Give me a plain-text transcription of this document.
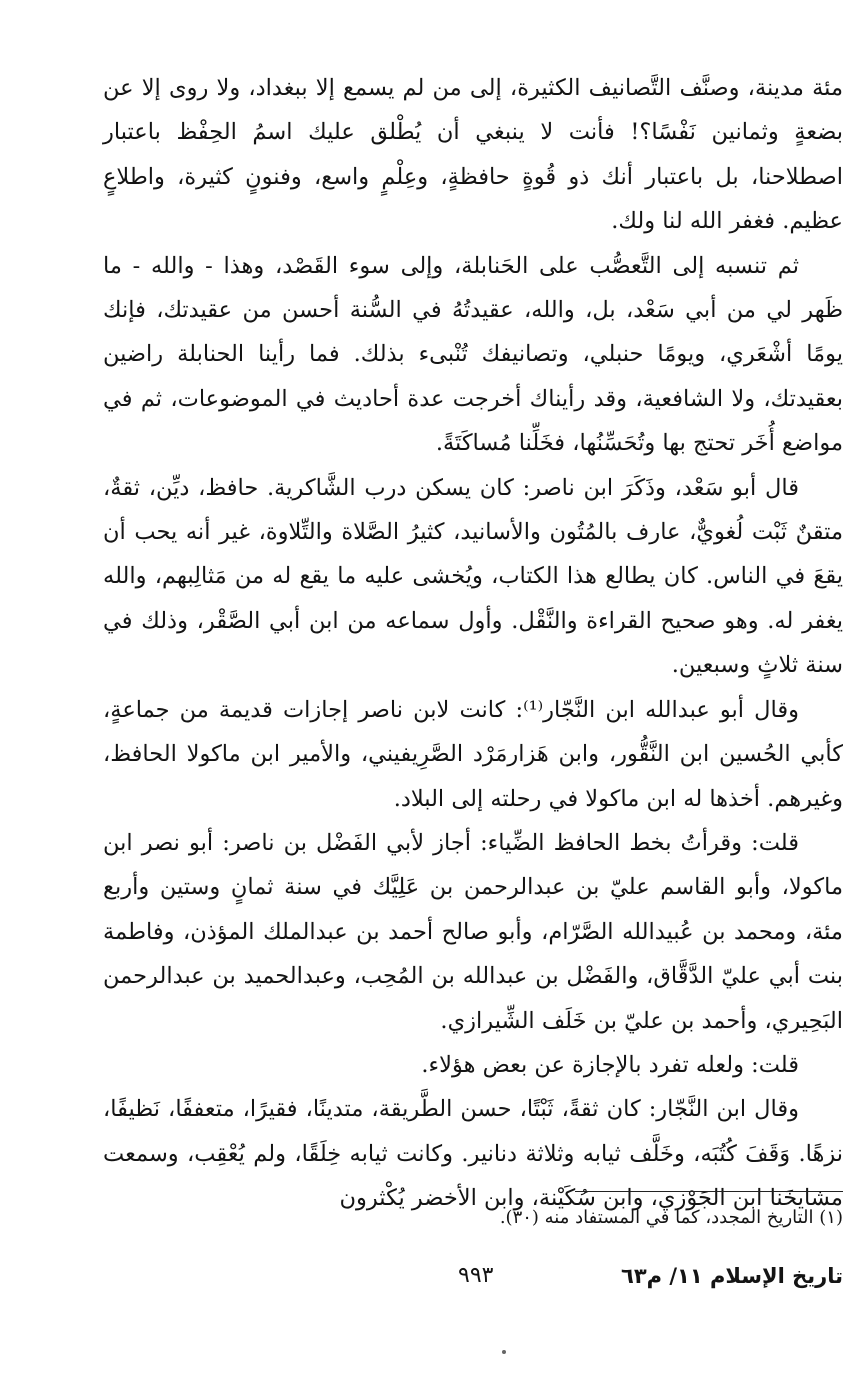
مئة مدينة، وصنَّف التَّصانيف الكثيرة، إلى من لم يسمع إلا ببغداد، ولا روى إلا عن بضعةٍ وثمانين نَفْسًا؟! فأنت لا ينبغي أن يُطْلق عليك اسمُ الحِفْظ باعتبار اصطلاحنا، بل باعتبار أنك ذو قُوةٍ حافظةٍ، وعِلْمٍ واسع، وفنونٍ كثيرة، واطلاعٍ عظيم. فغفر الله لنا ولك.

ثم تنسبه إلى التَّعصُّب على الحَنابلة، وإلى سوء القَصْد، وهذا - والله - ما ظَهر لي من أبي سَعْد، بل، والله، عقيدتُهُ في السُّنة أحسن من عقيدتك، فإنك يومًا أشْعَري، ويومًا حنبلي، وتصانيفك تُنْبىء بذلك. فما رأينا الحنابلة راضين بعقيدتك، ولا الشافعية، وقد رأيناك أخرجت عدة أحاديث في الموضوعات، ثم في مواضع أُخَر تحتج بها وتُحَسِّنُها، فخَلِّنا مُساكَتَةً.

قال أبو سَعْد، وذَكَرَ ابن ناصر: كان يسكن درب الشَّاكرية. حافظ، ديِّن، ثقةٌ، متقنٌ ثَبْت لُغويٌّ، عارف بالمُتُون والأسانيد، كثيرُ الصَّلاة والتِّلاوة، غير أنه يحب أن يقعَ في الناس. كان يطالع هذا الكتاب، ويُخشى عليه ما يقع له من مَثالِبهم، والله يغفر له. وهو صحيح القراءة والنَّقْل. وأول سماعه من ابن أبي الصَّقْر، وذلك في سنة ثلاثٍ وسبعين.

وقال أبو عبدالله ابن النَّجّار⁽¹⁾: كانت لابن ناصر إجازات قديمة من جماعةٍ، كأبي الحُسين ابن النَّقُّور، وابن هَزارمَرْد الصَّرِيفيني، والأمير ابن ماكولا الحافظ، وغيرهم. أخذها له ابن ماكولا في رحلته إلى البلاد.

قلت: وقرأتُ بخط الحافظ الضِّياء: أجاز لأبي الفَضْل بن ناصر: أبو نصر ابن ماكولا، وأبو القاسم عليّ بن عبدالرحمن بن عَلِيَّك في سنة ثمانٍ وستين وأربع مئة، ومحمد بن عُبيدالله الصَّرّام، وأبو صالح أحمد بن عبدالملك المؤذن، وفاطمة بنت أبي عليّ الدَّقَّاق، والفَضْل بن عبدالله بن المُحِب، وعبدالحميد بن عبدالرحمن البَحِيري، وأحمد بن عليّ بن خَلَف الشِّيرازي.

قلت: ولعله تفرد بالإجازة عن بعض هؤلاء.

وقال ابن النَّجّار: كان ثقةً، ثَبْتًا، حسن الطَّريقة، متدينًا، فقيرًا، متعففًا، نَظيفًا، نزهًا. وَقَفَ كُتُبَه، وخَلَّف ثيابه وثلاثة دنانير. وكانت ثيابه خِلَقًا، ولم يُعْقِب، وسمعت مشايخَنا ابن الجَوْزي، وابن سُكَيْنة، وابن الأخضر يُكْثرون

(١) التاريخ المجدد، كما في المستفاد منه (٣٠).
تاريخ الإسلام ١١/ م٦٣
٩٩٣
